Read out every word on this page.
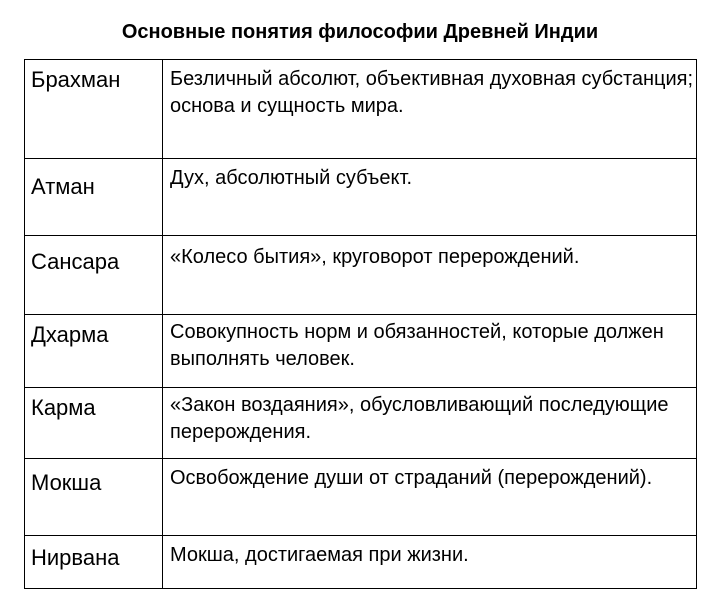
Основные понятия философии Древней Индии
Брахман	Безличный абсолют, объективная духовная субстанция; основа и сущность мира.
Атман	Дух, абсолютный субъект.
Сансара	«Колесо бытия», круговорот перерождений.
Дхарма	Совокупность норм и обязанностей, которые должен выполнять человек.
Карма	«Закон воздаяния», обусловливающий последующие перерождения.
Мокша	Освобождение души от страданий (перерождений).
Нирвана	Мокша, достигаемая при жизни.
